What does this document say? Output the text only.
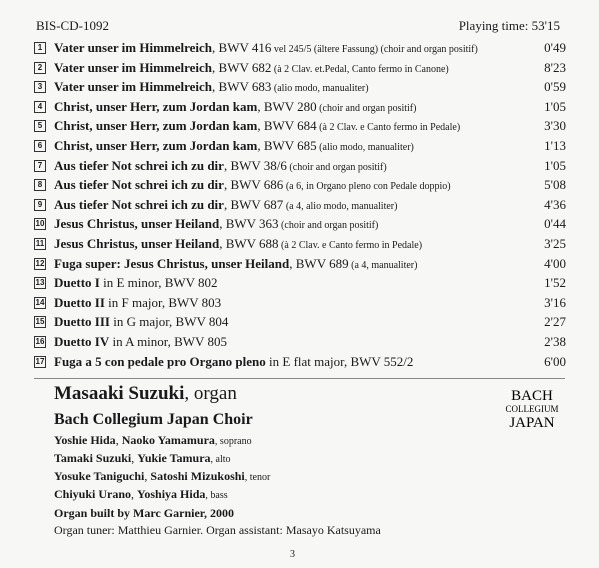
BIS-CD-1092	Playing time: 53'15
1 Vater unser im Himmelreich, BWV 416 vel 245/5 (ältere Fassung) (choir and organ positif)	0'49
2 Vater unser im Himmelreich, BWV 682 (à 2 Clav. et.Pedal, Canto fermo in Canone)	8'23
3 Vater unser im Himmelreich, BWV 683 (alio modo, manualiter)	0'59
4 Christ, unser Herr, zum Jordan kam, BWV 280 (choir and organ positif)	1'05
5 Christ, unser Herr, zum Jordan kam, BWV 684 (à 2 Clav. e Canto fermo in Pedale)	3'30
6 Christ, unser Herr, zum Jordan kam, BWV 685 (alio modo, manualiter)	1'13
7 Aus tiefer Not schrei ich zu dir, BWV 38/6 (choir and organ positif)	1'05
8 Aus tiefer Not schrei ich zu dir, BWV 686 (a 6, in Organo pleno con Pedale doppio)	5'08
9 Aus tiefer Not schrei ich zu dir, BWV 687 (a 4, alio modo, manualiter)	4'36
10 Jesus Christus, unser Heiland, BWV 363 (choir and organ positif)	0'44
11 Jesus Christus, unser Heiland, BWV 688 (à 2 Clav. e Canto fermo in Pedale)	3'25
12 Fuga super: Jesus Christus, unser Heiland, BWV 689 (a 4, manualiter)	4'00
13 Duetto I in E minor, BWV 802	1'52
14 Duetto II in F major, BWV 803	3'16
15 Duetto III in G major, BWV 804	2'27
16 Duetto IV in A minor, BWV 805	2'38
17 Fuga a 5 con pedale pro Organo pleno in E flat major, BWV 552/2	6'00
Masaaki Suzuki, organ
Bach Collegium Japan Choir
Yoshie Hida, Naoko Yamamura, soprano
Tamaki Suzuki, Yukie Tamura, alto
Yosuke Taniguchi, Satoshi Mizukoshi, tenor
Chiyuki Urano, Yoshiya Hida, bass
Organ built by Marc Garnier, 2000
Organ tuner: Matthieu Garnier. Organ assistant: Masayo Katsuyama
BACH
COLLEGIUM
JAPAN
3
